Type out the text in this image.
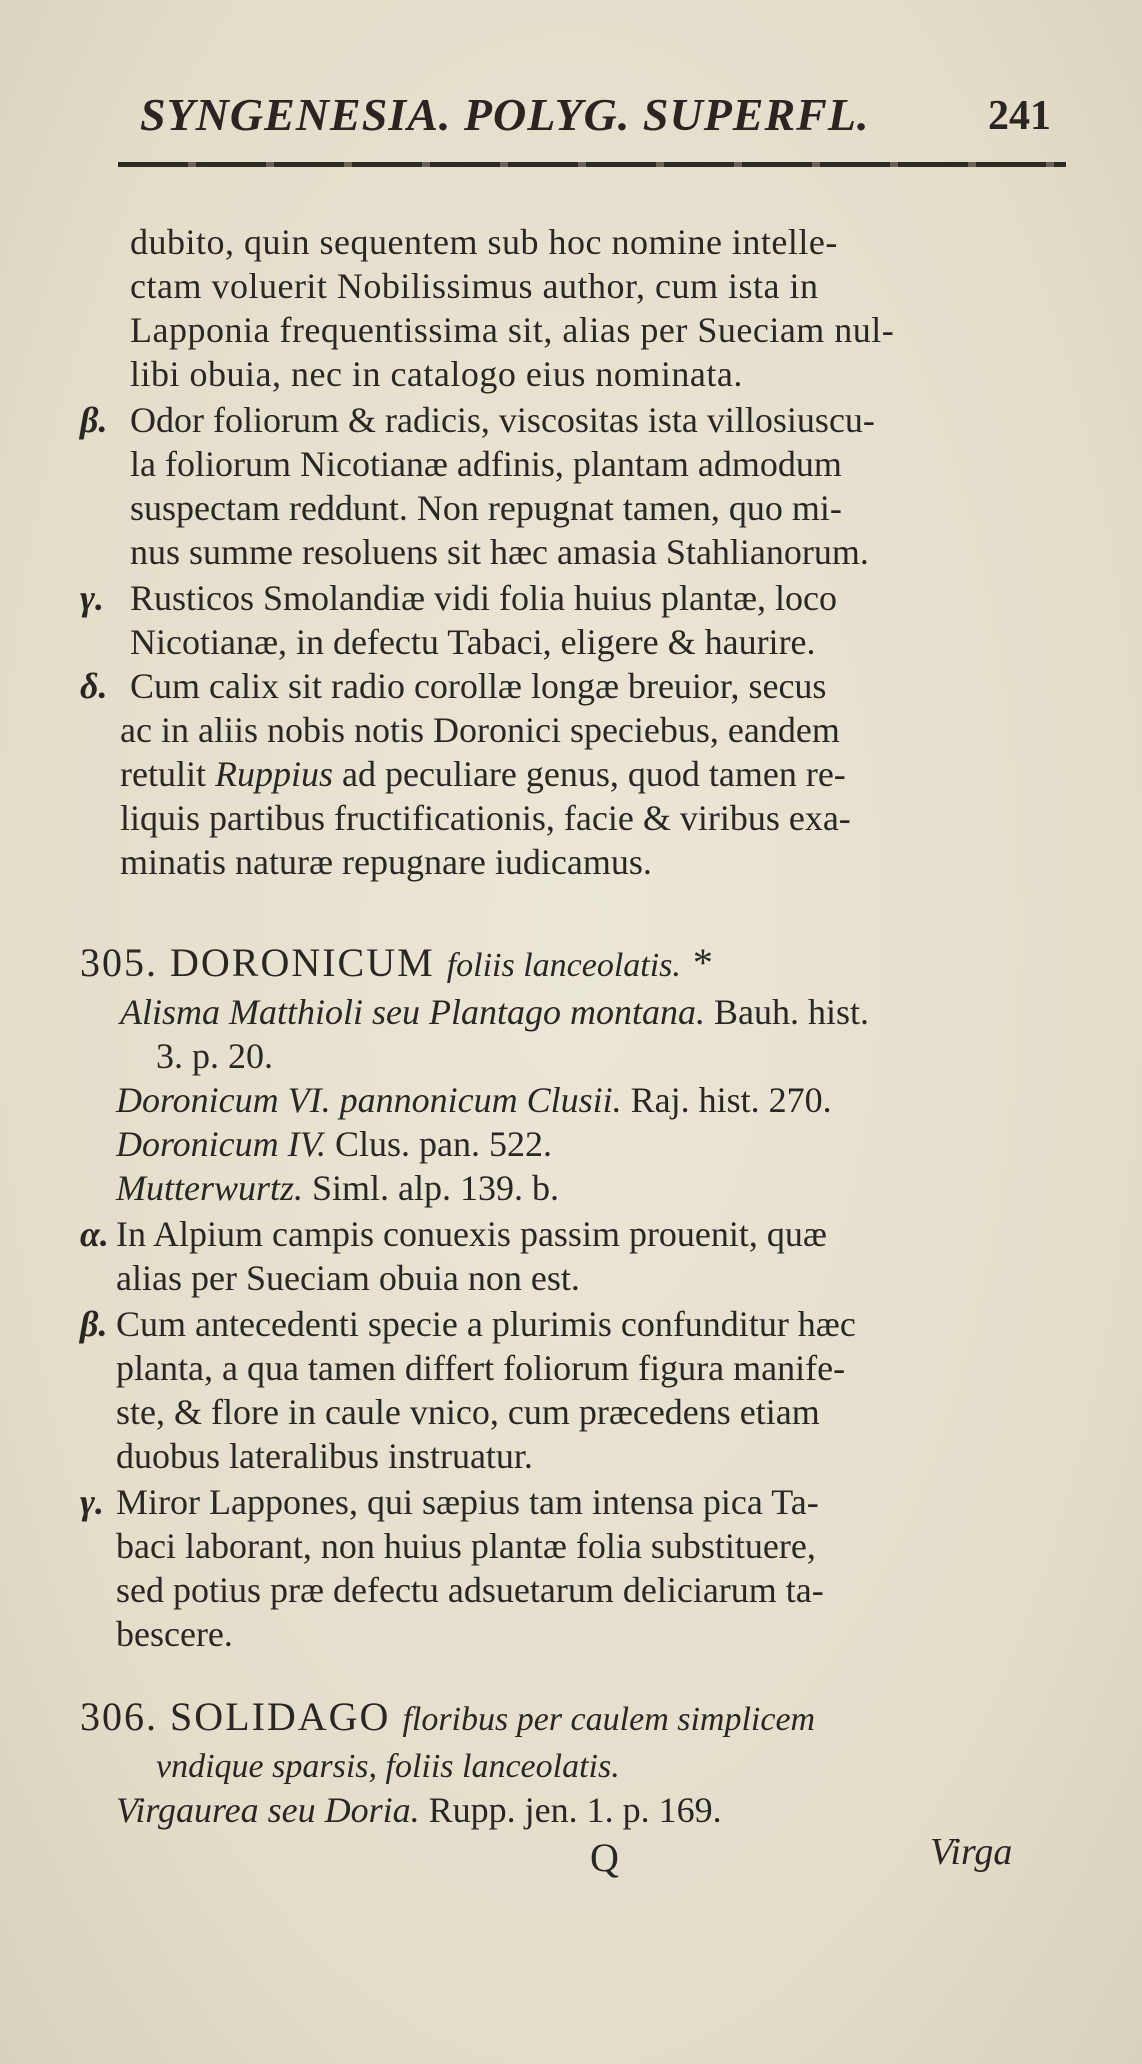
SYNGENESIA. POLYG. SUPERFL.	241
dubito, quin sequentem sub hoc nomine intelle-
ctam voluerit Nobilissimus author, cum ista in
Lapponia frequentissima sit, alias per Sueciam nul-
libi obuia, nec in catalogo eius nominata.
β. Odor foliorum & radicis, viscositas ista villosiuscu-
la foliorum Nicotianæ adfinis, plantam admodum
suspectam reddunt. Non repugnat tamen, quo mi-
nus summe resoluens sit hæc amasia Stahlianorum.
γ. Rusticos Smolandiæ vidi folia huius plantæ, loco
Nicotianæ, in defectu Tabaci, eligere & haurire.
δ. Cum calix sit radio corollæ longæ breuior, secus
ac in aliis nobis notis Doronici speciebus, eandem
retulit Ruppius ad peculiare genus, quod tamen re-
liquis partibus fructificationis, facie & viribus exa-
minatis naturæ repugnare iudicamus.
305. DORONICUM foliis lanceolatis. *
Alisma Matthioli seu Plantago montana. Bauh. hist.
3. p. 20.
Doronicum VI. pannonicum Clusii. Raj. hist. 270.
Doronicum IV. Clus. pan. 522.
Mutterwurtz. Siml. alp. 139. b.
α. In Alpium campis conuexis passim prouenit, quæ
alias per Sueciam obuia non est.
β. Cum antecedenti specie a plurimis confunditur hæc
planta, a qua tamen differt foliorum figura manife-
ste, & flore in caule vnico, cum præcedens etiam
duobus lateralibus instruatur.
γ. Miror Lappones, qui sæpius tam intensa pica Ta-
baci laborant, non huius plantæ folia substituere,
sed potius præ defectu adsuetarum deliciarum ta-
bescere.
306. SOLIDAGO floribus per caulem simplicem
vndique sparsis, foliis lanceolatis.
Virgaurea seu Doria. Rupp. jen. 1. p. 169.
Q	Virga
